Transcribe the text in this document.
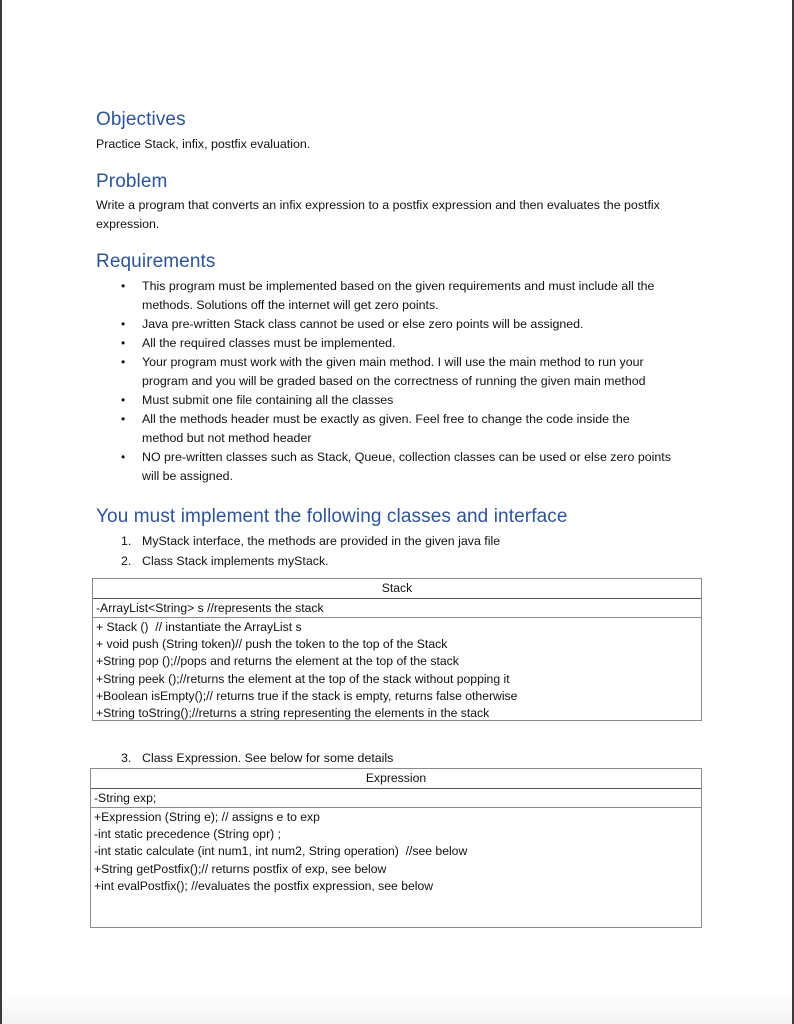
Objectives

Practice Stack, infix, postfix evaluation.

Problem

Write a program that converts an infix expression to a postfix expression and then evaluates the postfix

expression.

Requirements
• This program must be implemented based on the given requirements and must include all the
methods. Solutions off the internet will get zero points.
• Java pre-written Stack class cannot be used or else zero points will be assigned.
• All the required classes must be implemented.
• Your program must work with the given main method. I will use the main method to run your
program and you will be graded based on the correctness of running the given main method
• Must submit one file containing all the classes
• All the methods header must be exactly as given. Feel free to change the code inside the
method but not method header
• NO pre-written classes such as Stack, Queue, collection classes can be used or else zero points
will be assigned.
You must implement the following classes and interface
1. MyStack interface, the methods are provided in the given java file
2. Class Stack implements myStack.
Stack
-ArrayList<String> s //represents the stack
+ Stack ()  // instantiate the ArrayList s
+ void push (String token)// push the token to the top of the Stack
+String pop ();//pops and returns the element at the top of the stack
+String peek ();//returns the element at the top of the stack without popping it
+Boolean isEmpty();// returns true if the stack is empty, returns false otherwise
+String toString();//returns a string representing the elements in the stack
3. Class Expression. See below for some details
Expression
-String exp;
+Expression (String e); // assigns e to exp
-int static precedence (String opr) ;
-int static calculate (int num1, int num2, String operation)  //see below
+String getPostfix();// returns postfix of exp, see below
+int evalPostfix(); //evaluates the postfix expression, see below
